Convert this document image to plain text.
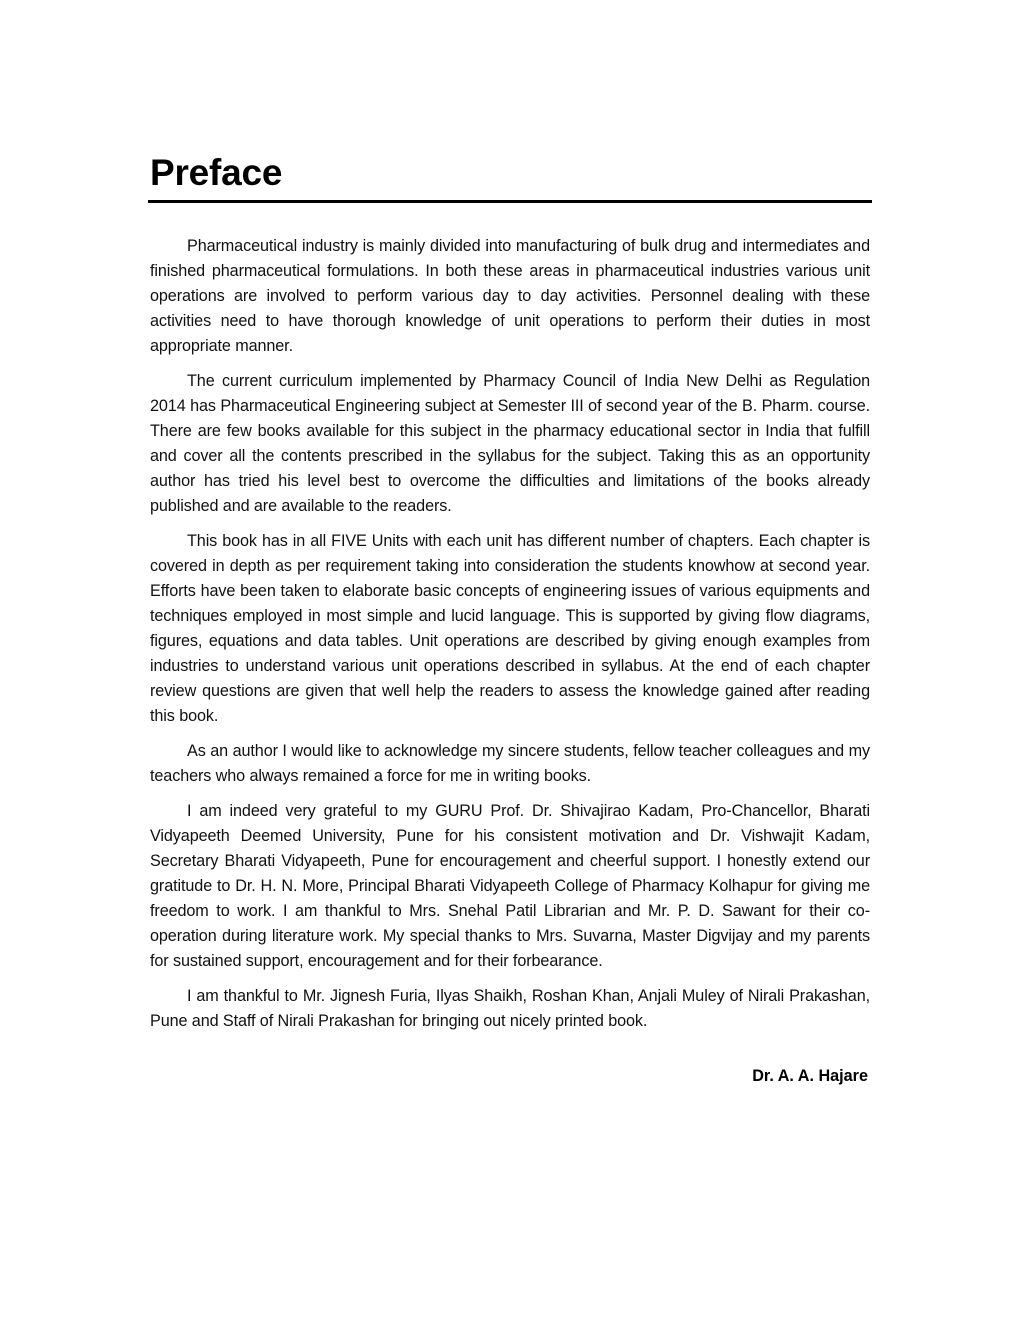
Preface

Pharmaceutical industry is mainly divided into manufacturing of bulk drug and intermediates and finished pharmaceutical formulations. In both these areas in pharmaceutical industries various unit operations are involved to perform various day to day activities. Personnel dealing with these activities need to have thorough knowledge of unit operations to perform their duties in most appropriate manner.

The current curriculum implemented by Pharmacy Council of India New Delhi as Regulation 2014 has Pharmaceutical Engineering subject at Semester III of second year of the B. Pharm. course. There are few books available for this subject in the pharmacy educational sector in India that fulfill and cover all the contents prescribed in the syllabus for the subject. Taking this as an opportunity author has tried his level best to overcome the difficulties and limitations of the books already published and are available to the readers.

This book has in all FIVE Units with each unit has different number of chapters. Each chapter is covered in depth as per requirement taking into consideration the students knowhow at second year. Efforts have been taken to elaborate basic concepts of engineering issues of various equipments and techniques employed in most simple and lucid language. This is supported by giving flow diagrams, figures, equations and data tables. Unit operations are described by giving enough examples from industries to understand various unit operations described in syllabus. At the end of each chapter review questions are given that well help the readers to assess the knowledge gained after reading this book.

As an author I would like to acknowledge my sincere students, fellow teacher colleagues and my teachers who always remained a force for me in writing books.

I am indeed very grateful to my GURU Prof. Dr. Shivajirao Kadam, Pro-Chancellor, Bharati Vidyapeeth Deemed University, Pune for his consistent motivation and Dr. Vishwajit Kadam, Secretary Bharati Vidyapeeth, Pune for encouragement and cheerful support. I honestly extend our gratitude to Dr. H. N. More, Principal Bharati Vidyapeeth College of Pharmacy Kolhapur for giving me freedom to work. I am thankful to Mrs. Snehal Patil Librarian and Mr. P. D. Sawant for their co-operation during literature work. My special thanks to Mrs. Suvarna, Master Digvijay and my parents for sustained support, encouragement and for their forbearance.

I am thankful to Mr. Jignesh Furia, Ilyas Shaikh, Roshan Khan, Anjali Muley of Nirali Prakashan, Pune and Staff of Nirali Prakashan for bringing out nicely printed book.

Dr. A. A. Hajare
